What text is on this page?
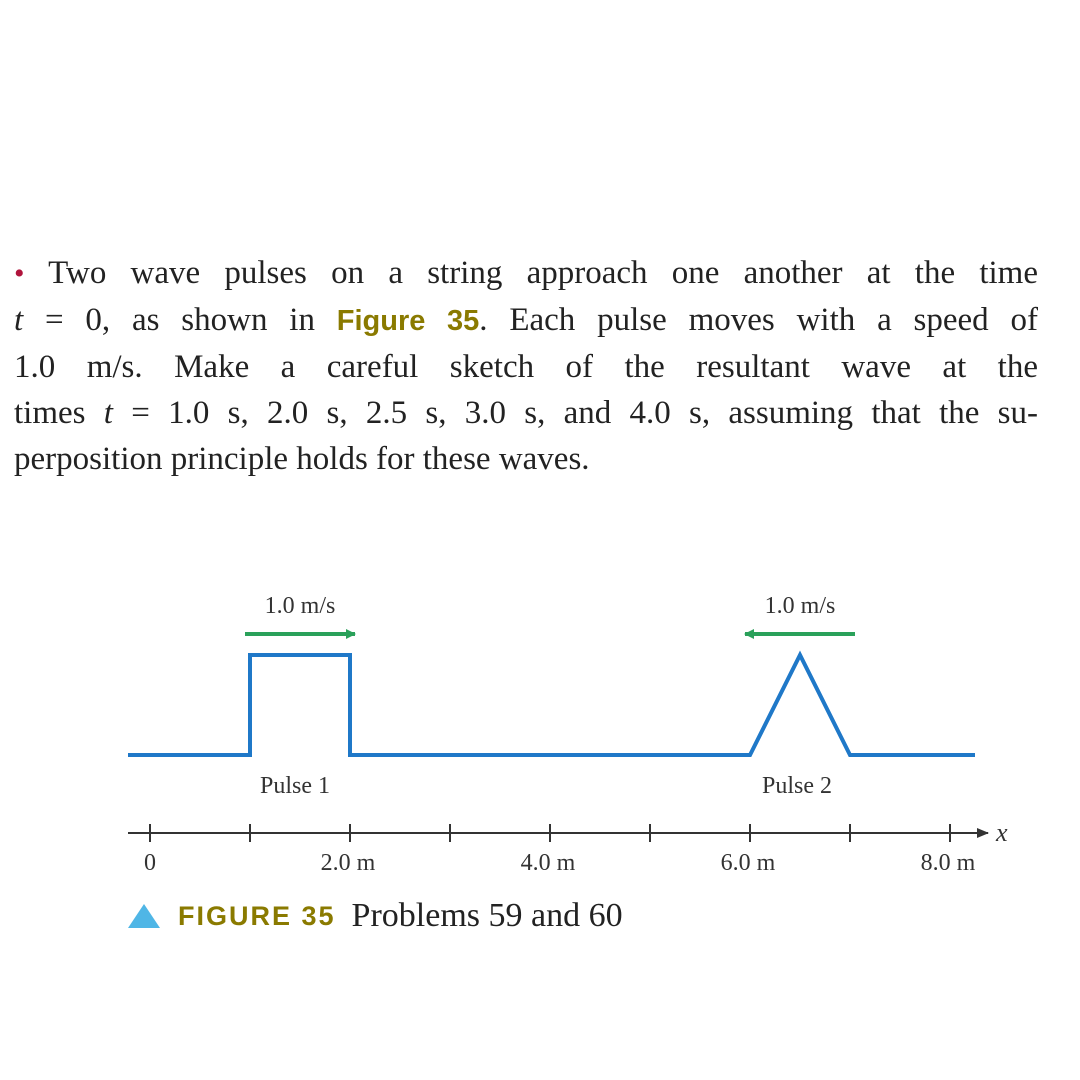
• Two wave pulses on a string approach one another at the time
t = 0, as shown in Figure 35. Each pulse moves with a speed of
1.0 m/s. Make a careful sketch of the resultant wave at the
times t = 1.0 s, 2.0 s, 2.5 s, 3.0 s, and 4.0 s, assuming that the su-
perposition principle holds for these waves.
1.0 m/s	1.0 m/s
Pulse 1	Pulse 2
0	2.0 m	4.0 m	6.0 m	8.0 m
x
FIGURE 35 Problems 59 and 60
